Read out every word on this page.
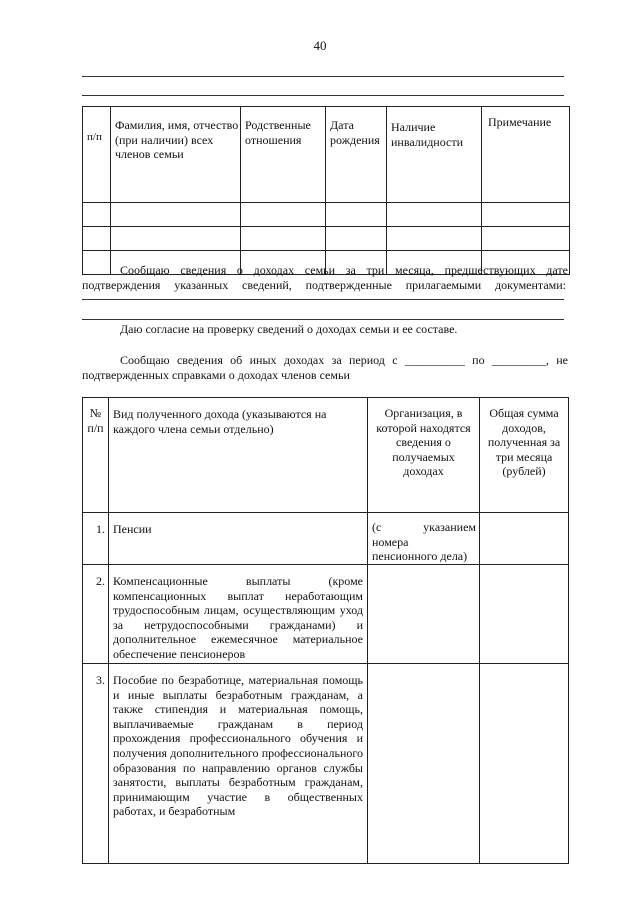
40
п/п	Фамилия, имя, отчество (при наличии) всех членов семьи	Родственные отношения	Дата рождения	Наличие инвалидности	Примечание

Сообщаю сведения о доходах семьи за три месяца, предшествующих дате
подтверждения указанных сведений, подтвержденные прилагаемыми документами:
Даю согласие на проверку сведений о доходах семьи и ее составе.
Сообщаю сведения об иных доходах за период с __________ по _________, не
подтвержденных справками о доходах членов семьи
№ п/п	Вид полученного дохода (указываются на каждого члена семьи отдельно)	Организация, в которой находятся сведения о получаемых доходах	Общая сумма доходов, полученная за три месяца (рублей)
1.	Пенсии	(с указанием номера пенсионного дела)	
2.	Компенсационные выплаты (кроме компенсационных выплат неработающим трудоспособным лицам, осуществляющим уход за нетрудоспособными гражданами) и дополнительное ежемесячное материальное обеспечение пенсионеров		
3.	Пособие по безработице, материальная помощь и иные выплаты безработным гражданам, а также стипендия и материальная помощь, выплачиваемые гражданам в период прохождения профессионального обучения и получения дополнительного профессионального образования по направлению органов службы занятости, выплаты безработным гражданам, принимающим участие в общественных работах, и безработным		
